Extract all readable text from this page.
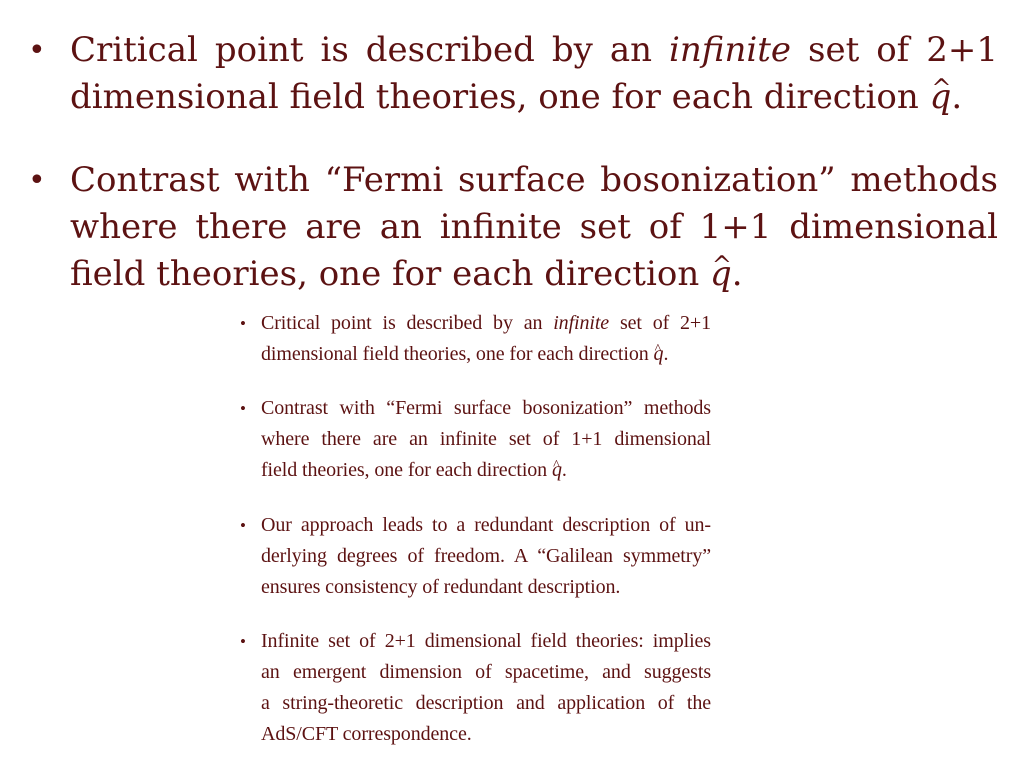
• Critical point is described by an infinite set of 2+1
dimensional field theories, one for each direction ^ q.
• Contrast with “Fermi surface bosonization” methods
where there are an infinite set of 1+1 dimensional
field theories, one for each direction ^ q.
• Critical point is described by an infinite set of 2+1
dimensional field theories, one for each direction ^ q.
• Contrast with “Fermi surface bosonization” methods
where there are an infinite set of 1+1 dimensional
field theories, one for each direction ^ q.
• Our approach leads to a redundant description of un-
derlying degrees of freedom. A “Galilean symmetry”
ensures consistency of redundant description.
• Infinite set of 2+1 dimensional field theories: implies
an emergent dimension of spacetime, and suggests
a string-theoretic description and application of the
AdS/CFT correspondence.
